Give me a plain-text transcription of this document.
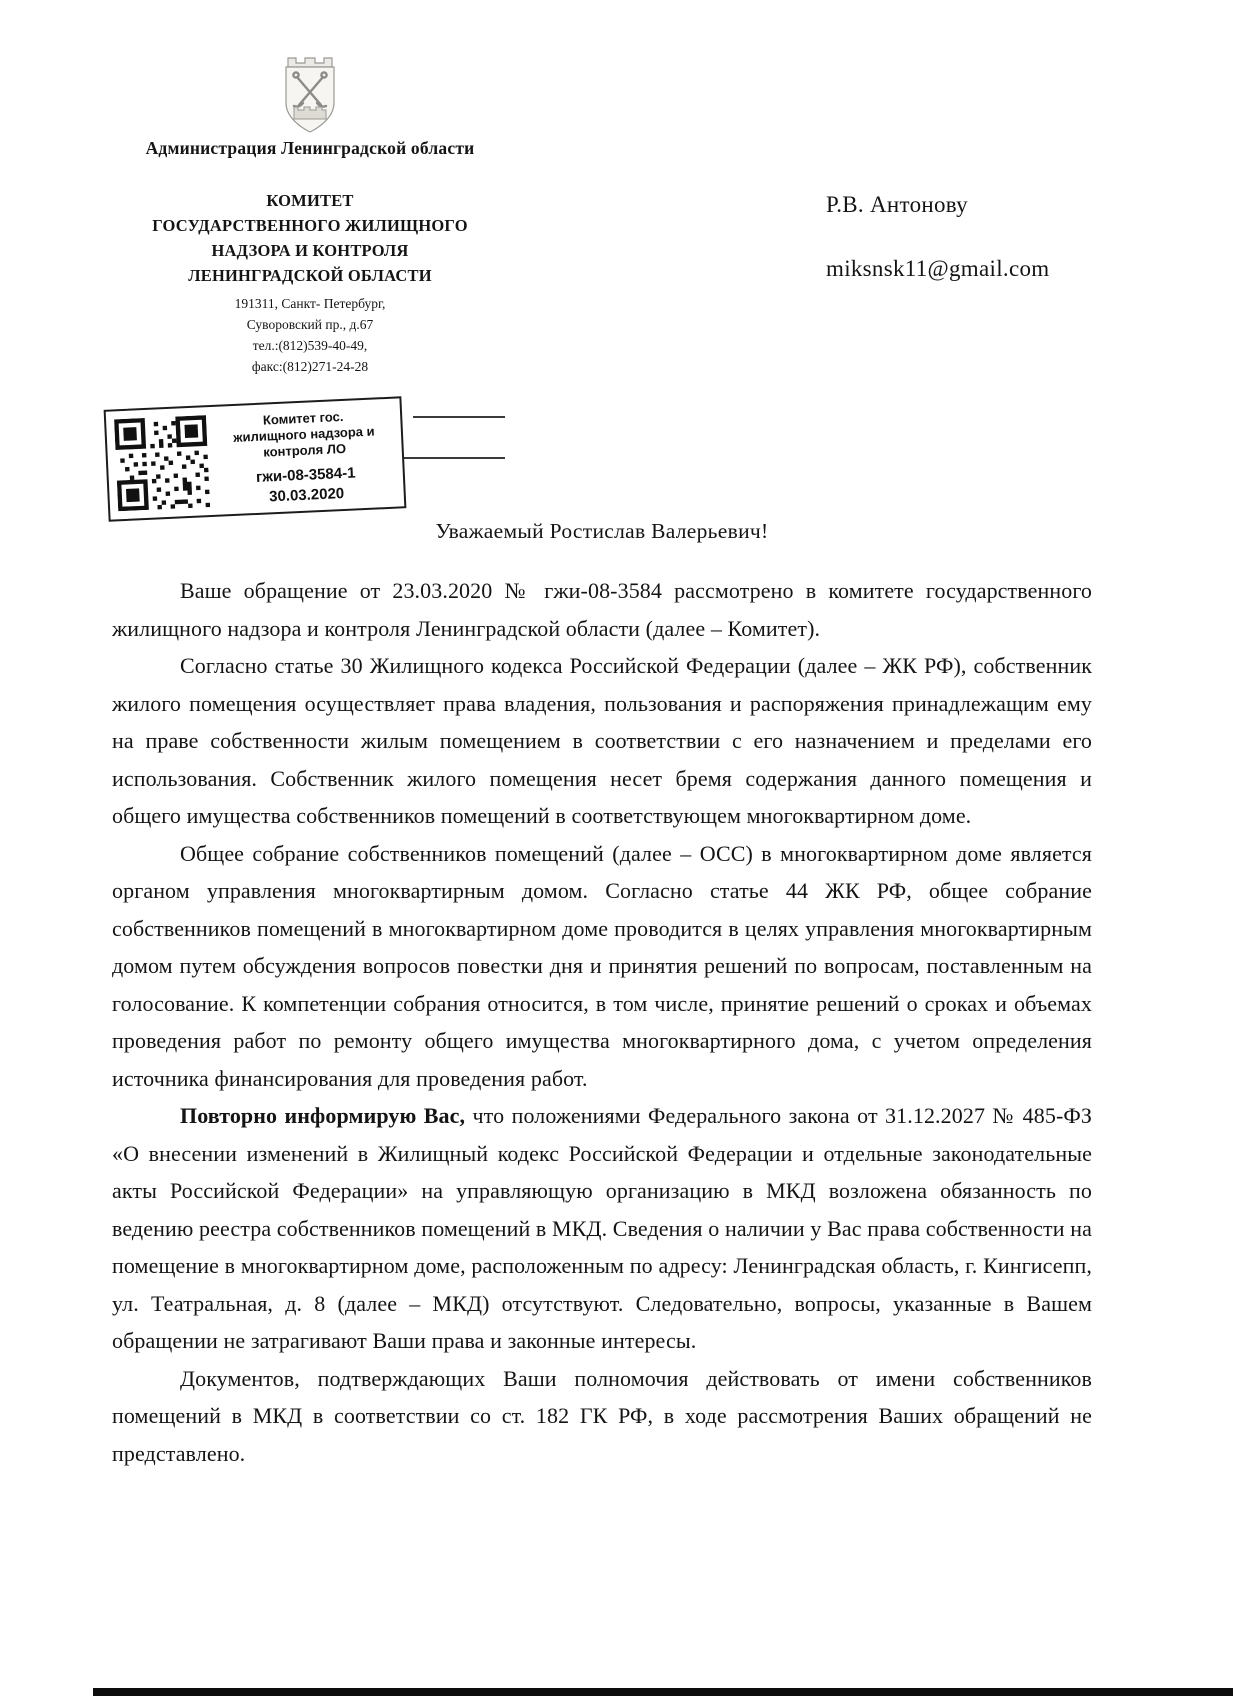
Администрация Ленинградской области
КОМИТЕТ
ГОСУДАРСТВЕННОГО ЖИЛИЩНОГО
НАДЗОРА И КОНТРОЛЯ
ЛЕНИНГРАДСКОЙ ОБЛАСТИ
191311, Санкт- Петербург,
Суворовский пр., д.67
тел.:(812)539-40-49,
факс:(812)271-24-28
Р.В. Антонову
miksnsk11@gmail.com
Комитет гос.
жилищного надзора и
контроля ЛО
гжи-08-3584-1
30.03.2020
Уважаемый Ростислав Валерьевич!

Ваше обращение от 23.03.2020 № гжи-08-3584 рассмотрено в комитете государственного жилищного надзора и контроля Ленинградской области (далее – Комитет).

Согласно статье 30 Жилищного кодекса Российской Федерации (далее – ЖК РФ), собственник жилого помещения осуществляет права владения, пользования и распоряжения принадлежащим ему на праве собственности жилым помещением в соответствии с его назначением и пределами его использования. Собственник жилого помещения несет бремя содержания данного помещения и общего имущества собственников помещений в соответствующем многоквартирном доме.

Общее собрание собственников помещений (далее – ОСС) в многоквартирном доме является органом управления многоквартирным домом. Согласно статье 44 ЖК РФ, общее собрание собственников помещений в многоквартирном доме проводится в целях управления многоквартирным домом путем обсуждения вопросов повестки дня и принятия решений по вопросам, поставленным на голосование. К компетенции собрания относится, в том числе, принятие решений о сроках и объемах проведения работ по ремонту общего имущества многоквартирного дома, с учетом определения источника финансирования для проведения работ.

Повторно информирую Вас, что положениями Федерального закона от 31.12.2027 № 485-ФЗ «О внесении изменений в Жилищный кодекс Российской Федерации и отдельные законодательные акты Российской Федерации» на управляющую организацию в МКД возложена обязанность по ведению реестра собственников помещений в МКД. Сведения о наличии у Вас права собственности на помещение в многоквартирном доме, расположенным по адресу: Ленинградская область, г. Кингисепп, ул. Театральная, д. 8 (далее – МКД) отсутствуют. Следовательно, вопросы, указанные в Вашем обращении не затрагивают Ваши права и законные интересы.

Документов, подтверждающих Ваши полномочия действовать от имени собственников помещений в МКД в соответствии со ст. 182 ГК РФ, в ходе рассмотрения Ваших обращений не представлено.
